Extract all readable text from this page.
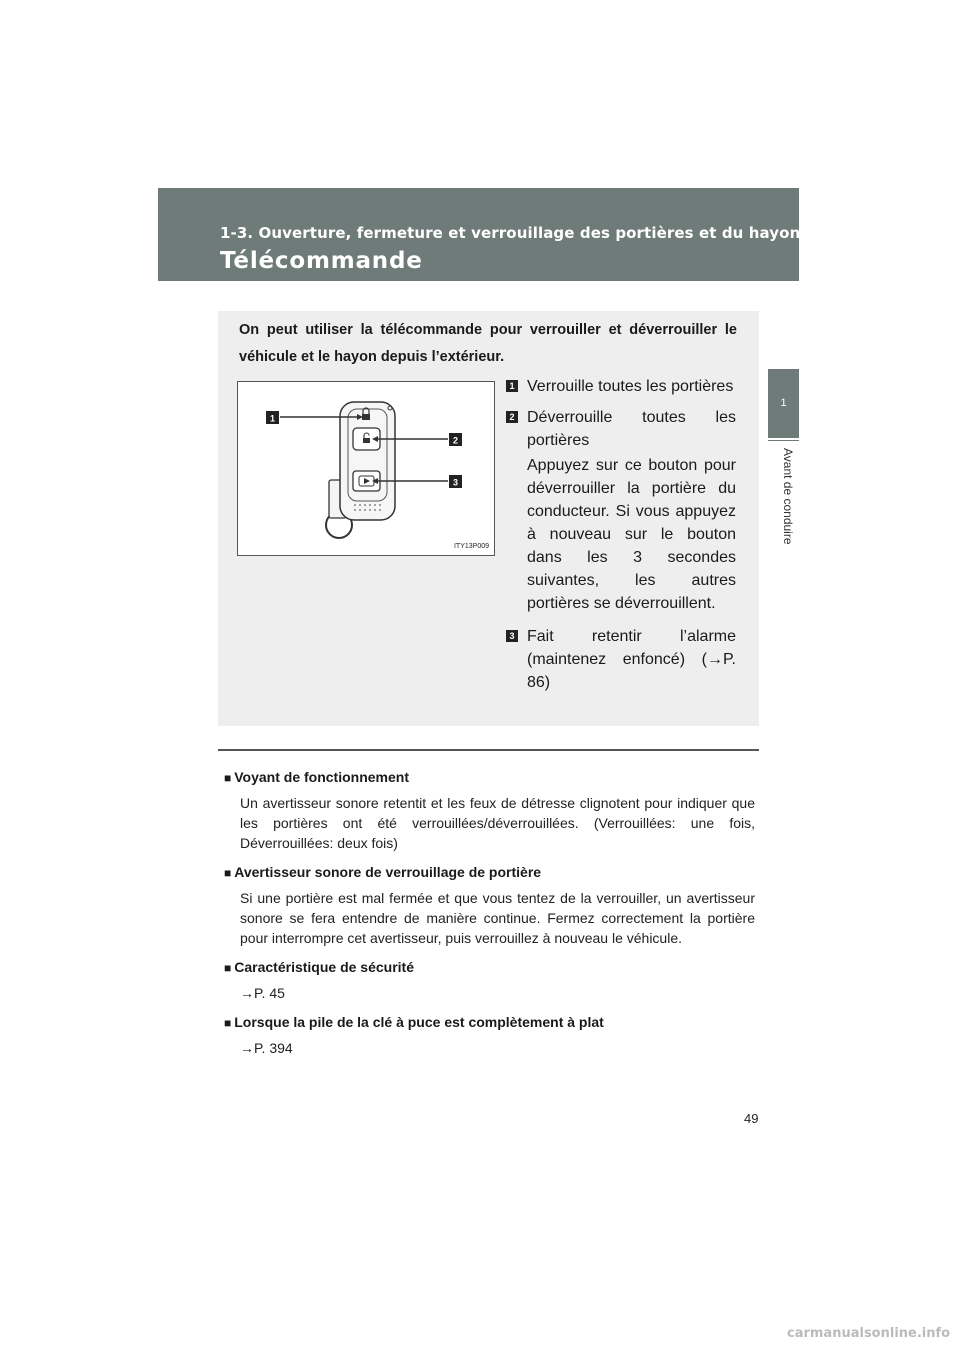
1-3. Ouverture, fermeture et verrouillage des portières et du hayon
Télécommande
1
Avant de conduire
On peut utiliser la télécommande pour verrouiller et déverrouiller le véhicule et le hayon depuis l’extérieur.
1
2
3
ITY13P009
1 Verrouille toutes les portières
2 Déverrouille toutes les portières
Appuyez sur ce bouton pour déverrouiller la portière du conducteur. Si vous appuyez à nouveau sur le bouton dans les 3 secondes suivantes, les autres portières se déverrouillent.
3 Fait retentir l’alarme (maintenez enfoncé) (→P. 86)
■ Voyant de fonctionnement
Un avertisseur sonore retentit et les feux de détresse clignotent pour indiquer que les portières ont été verrouillées/déverrouillées. (Verrouillées: une fois, Déverrouillées: deux fois)
■ Avertisseur sonore de verrouillage de portière
Si une portière est mal fermée et que vous tentez de la verrouiller, un avertisseur sonore se fera entendre de manière continue. Fermez correctement la portière pour interrompre cet avertisseur, puis verrouillez à nouveau le véhicule.
■ Caractéristique de sécurité
→P. 45
■ Lorsque la pile de la clé à puce est complètement à plat
→P. 394
49
carmanualsonline.info
